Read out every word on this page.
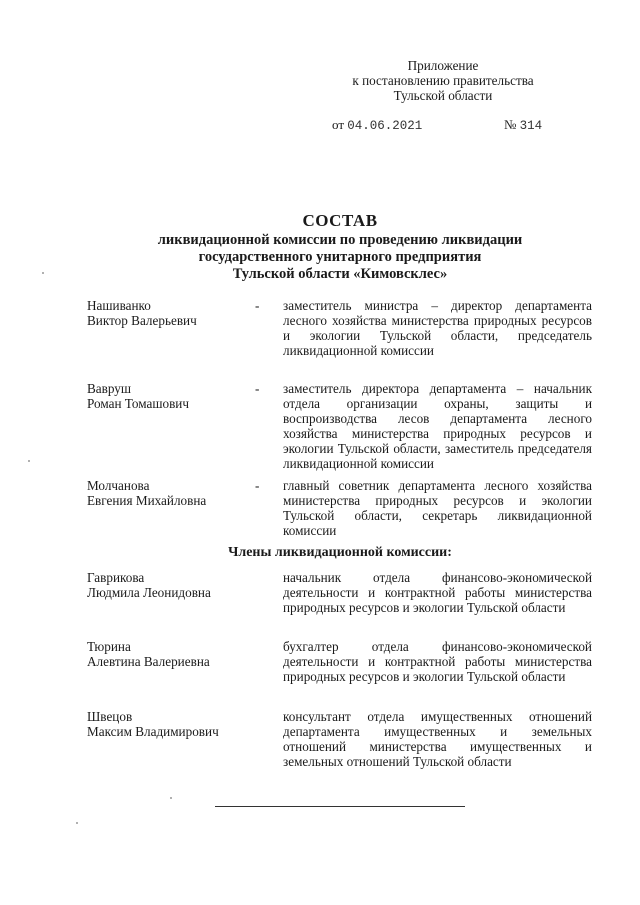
Приложение
к постановлению правительства
Тульской области
от 04.06.2021	№ 314
СОСТАВ
ликвидационной комиссии по проведению ликвидации
государственного унитарного предприятия
Тульской области «Кимовсклес»
Нашиванко
Виктор Валерьевич
- заместитель министра – директор департамента лесного хозяйства министерства природных ресурсов и экологии Тульской области, председатель ликвидационной комиссии
Вавруш
Роман Томашович
- заместитель директора департамента – начальник отдела организации охраны, защиты и воспроизводства лесов департамента лесного хозяйства министерства природных ресурсов и экологии Тульской области, заместитель председателя ликвидационной комиссии
Молчанова
Евгения Михайловна
- главный советник департамента лесного хозяйства министерства природных ресурсов и экологии Тульской области, секретарь ликвидационной комиссии
Члены ликвидационной комиссии:
Гаврикова
Людмила Леонидовна
начальник отдела финансово-экономической деятельности и контрактной работы министерства природных ресурсов и экологии Тульской области
Тюрина
Алевтина Валериевна
бухгалтер отдела финансово-экономической деятельности и контрактной работы министерства природных ресурсов и экологии Тульской области
Швецов
Максим Владимирович
консультант отдела имущественных отношений департамента имущественных и земельных отношений министерства имущественных и земельных отношений Тульской области
